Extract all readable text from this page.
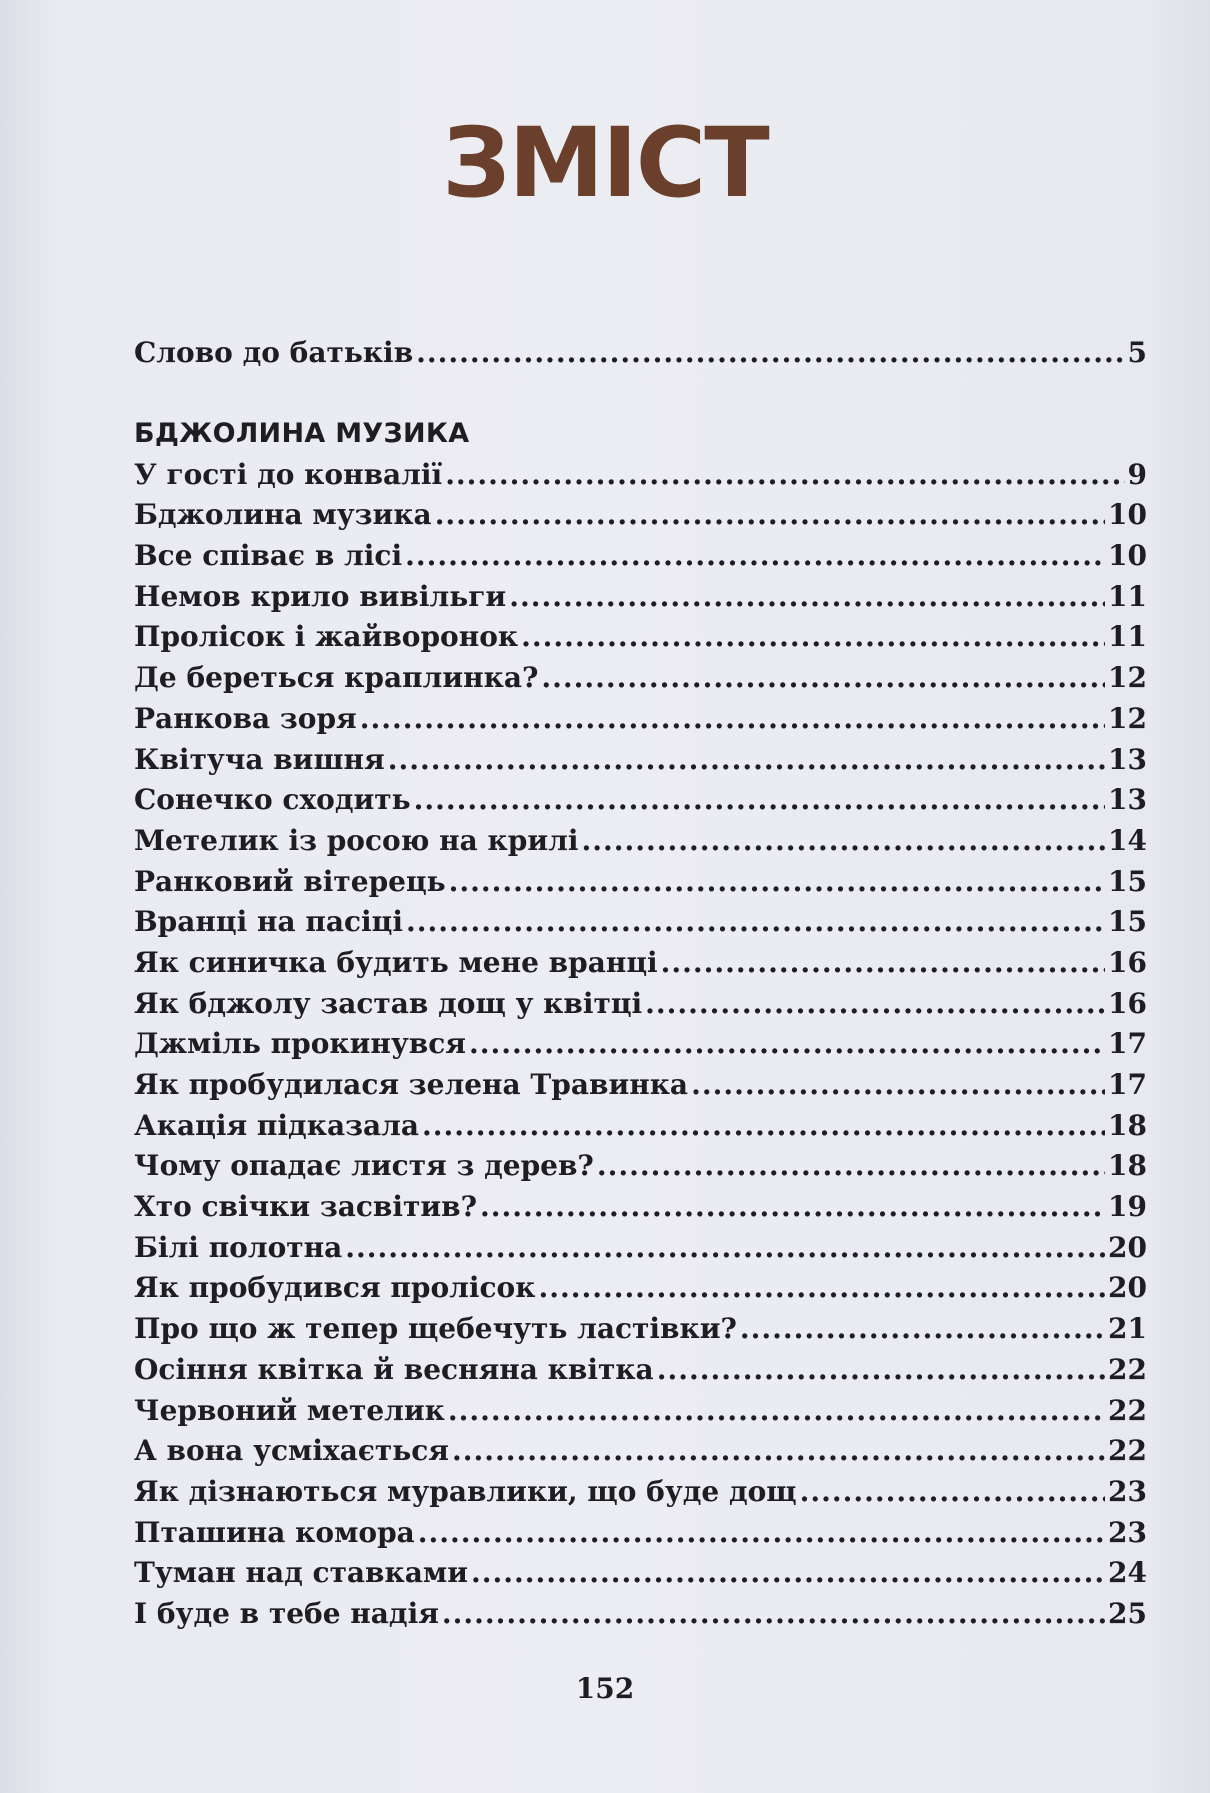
ЗМІСТ
Слово до батьків .....	5
БДЖОЛИНА МУЗИКА
У гості до конвалії .....	9
Бджолина музика .....	10
Все співає в лісі .....	10
Немов крило вивільги .....	11
Пролісок і жайворонок .....	11
Де береться краплинка? .....	12
Ранкова зоря .....	12
Квітуча вишня .....	13
Сонечко сходить .....	13
Метелик із росою на крилі .....	14
Ранковий вітерець .....	15
Вранці на пасіці .....	15
Як синичка будить мене вранці .....	16
Як бджолу застав дощ у квітці .....	16
Джміль прокинувся .....	17
Як пробудилася зелена Травинка .....	17
Акація підказала .....	18
Чому опадає листя з дерев? .....	18
Хто свічки засвітив? .....	19
Білі полотна .....	20
Як пробудився пролісок .....	20
Про що ж тепер щебечуть ластівки? .....	21
Осіння квітка й весняна квітка .....	22
Червоний метелик .....	22
А вона усміхається .....	22
Як дізнаються муравлики, що буде дощ .....	23
Пташина комора .....	23
Туман над ставками .....	24
І буде в тебе надія .....	25
152
